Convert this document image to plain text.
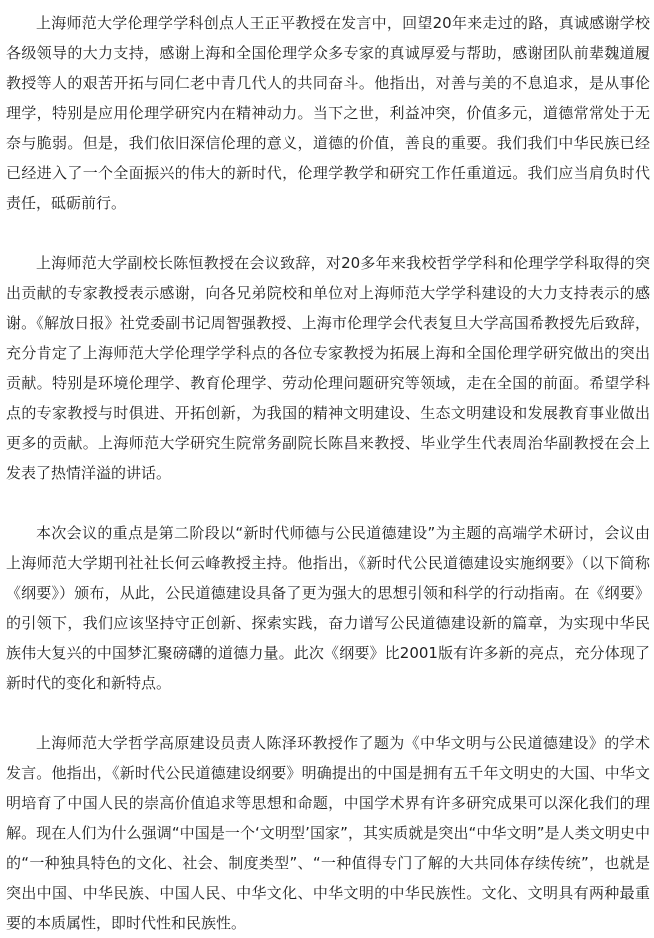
上海师范大学伦理学学科创点人王正平教授在发言中，回望20年来走过的路，真诚感谢学校各级领导的大力支持，感谢上海和全国伦理学众多专家的真诚厚爱与帮助，感谢团队前辈魏道履教授等人的艰苦开拓与同仁老中青几代人的共同奋斗。他指出，对善与美的不息追求，是从事伦理学，特别是应用伦理学研究内在精神动力。当下之世，利益冲突，价值多元，道德常常处于无奈与脆弱。但是，我们依旧深信伦理的意义，道德的价值，善良的重要。我们我们中华民族已经已经进入了一个全面振兴的伟大的新时代，伦理学教学和研究工作任重道远。我们应当肩负时代责任，砥砺前行。

上海师范大学副校长陈恒教授在会议致辞，对20多年来我校哲学学科和伦理学学科取得的突出贡献的专家教授表示感谢，向各兄弟院校和单位对上海师范大学学科建设的大力支持表示的感谢。《解放日报》社党委副书记周智强教授、上海市伦理学会代表复旦大学高国希教授先后致辞，充分肯定了上海师范大学伦理学学科点的各位专家教授为拓展上海和全国伦理学研究做出的突出贡献。特别是环境伦理学、教育伦理学、劳动伦理问题研究等领域，走在全国的前面。希望学科点的专家教授与时俱进、开拓创新，为我国的精神文明建设、生态文明建设和发展教育事业做出更多的贡献。上海师范大学研究生院常务副院长陈昌来教授、毕业学生代表周治华副教授在会上发表了热情洋溢的讲话。

本次会议的重点是第二阶段以“新时代师德与公民道德建设”为主题的高端学术研讨，会议由上海师范大学期刊社社长何云峰教授主持。他指出，《新时代公民道德建设实施纲要》（以下简称《纲要》）颁布，从此，公民道德建设具备了更为强大的思想引领和科学的行动指南。在《纲要》的引领下，我们应该坚持守正创新、探索实践，奋力谱写公民道德建设新的篇章，为实现中华民族伟大复兴的中国梦汇聚磅礴的道德力量。此次《纲要》比2001版有许多新的亮点，充分体现了新时代的变化和新特点。

上海师范大学哲学高原建设员责人陈泽环教授作了题为《中华文明与公民道德建设》的学术发言。他指出，《新时代公民道德建设纲要》明确提出的中国是拥有五千年文明史的大国、中华文明培育了中国人民的崇高价值追求等思想和命题，中国学术界有许多研究成果可以深化我们的理解。现在人们为什么强调“中国是一个‘文明型’国家”，其实质就是突出“中华文明”是人类文明史中的“一种独具特色的文化、社会、制度类型”、“一种值得专门了解的大共同体存续传统”，也就是突出中国、中华民族、中国人民、中华文化、中华文明的中华民族性。文化、文明具有两种最重要的本质属性，即时代性和民族性。
